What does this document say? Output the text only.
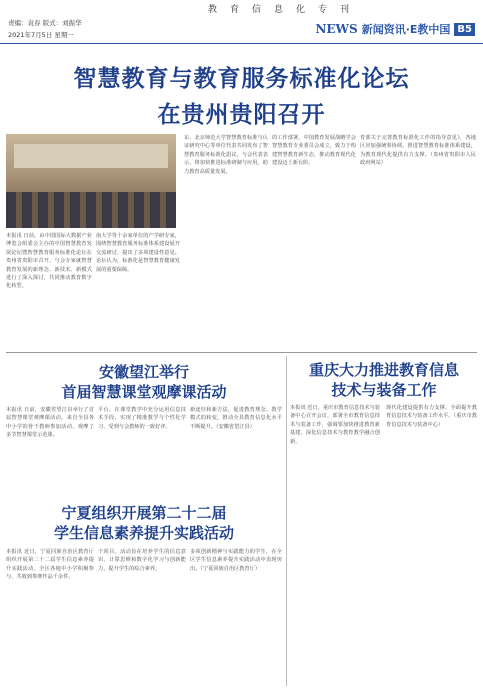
教育信息化专刊
责编：袁春 版式：刘振华
2021年7月5日 星期一	NEWS 新闻资讯·E教中国 B5
智慧教育与教育服务标准化论坛
在贵州贵阳召开
本报讯 日前，由中国国际大数据产业博览会组委会主办的中国智慧教育发展论坛暨智慧教育服务标准化论坛在贵州省贵阳市召开。与会专家就智慧教育发展的新理念、新技术、新模式进行了深入探讨，共同推动教育数字化转型。
南大学等十余家单位的产学研专家，围绕智慧教育服务标准体系建设展开交流研讨，提出了多项建设性意见。论坛认为，标准化是智慧教育健康发展的重要保障。
东、北京师范大学智慧教育标准与认证研究中心等单位代表共同发布了智慧教育服务标准化倡议。与会代表表示，将加快推进标准研制与应用，助力教育高质量发展。
的工作部署，中国教育发展战略学会智慧教育专业委员会成立，致力于构建智慧教育新生态，推动教育现代化建设迈上新台阶。
育部关于完善教育标准化工作的指导意见》，各地区应加强统筹协调，推进智慧教育标准体系建设，为教育现代化提供有力支撑。（贵州省贵阳市人民政府网站）
安徽望江举行
首届智慧课堂观摩课活动
本报讯 日前，安徽省望江县举行了首届智慧课堂观摩课活动。来自全县各中小学的骨干教师参加活动，观摩了多节智慧课堂示范课。
平台，在课堂教学中充分运用信息技术手段，实现了精准教学与个性化学习，受到与会教师的一致好评。
新途径和新方法，促进教育理念、教学模式的转变，推动全县教育信息化水平不断提升。（安徽省望江县）
宁夏组织开展第二十二届
学生信息素养提升实践活动
本报讯 近日，宁夏回族自治区教育厅组织开展第二十二届学生信息素养提升实践活动，全区各地中小学积极参与，共收到参赛作品千余件。
个项目。活动旨在培养学生的信息意识、计算思维和数字化学习与创新能力，提升学生的综合素养。
多项创新精神与实践能力的学生，在全区学生信息素养提升实践活动中表现突出。（宁夏回族自治区教育厅）
重庆大力推进教育信息
技术与装备工作
本报讯 近日，重庆市教育信息技术与装备中心召开会议，部署全市教育信息技术与装备工作，强调要加快推进教育新基建，深化信息技术与教育教学融合创新。
现代化建设提供有力支撑，全面提升教育信息技术与装备工作水平。（重庆市教育信息技术与装备中心）
